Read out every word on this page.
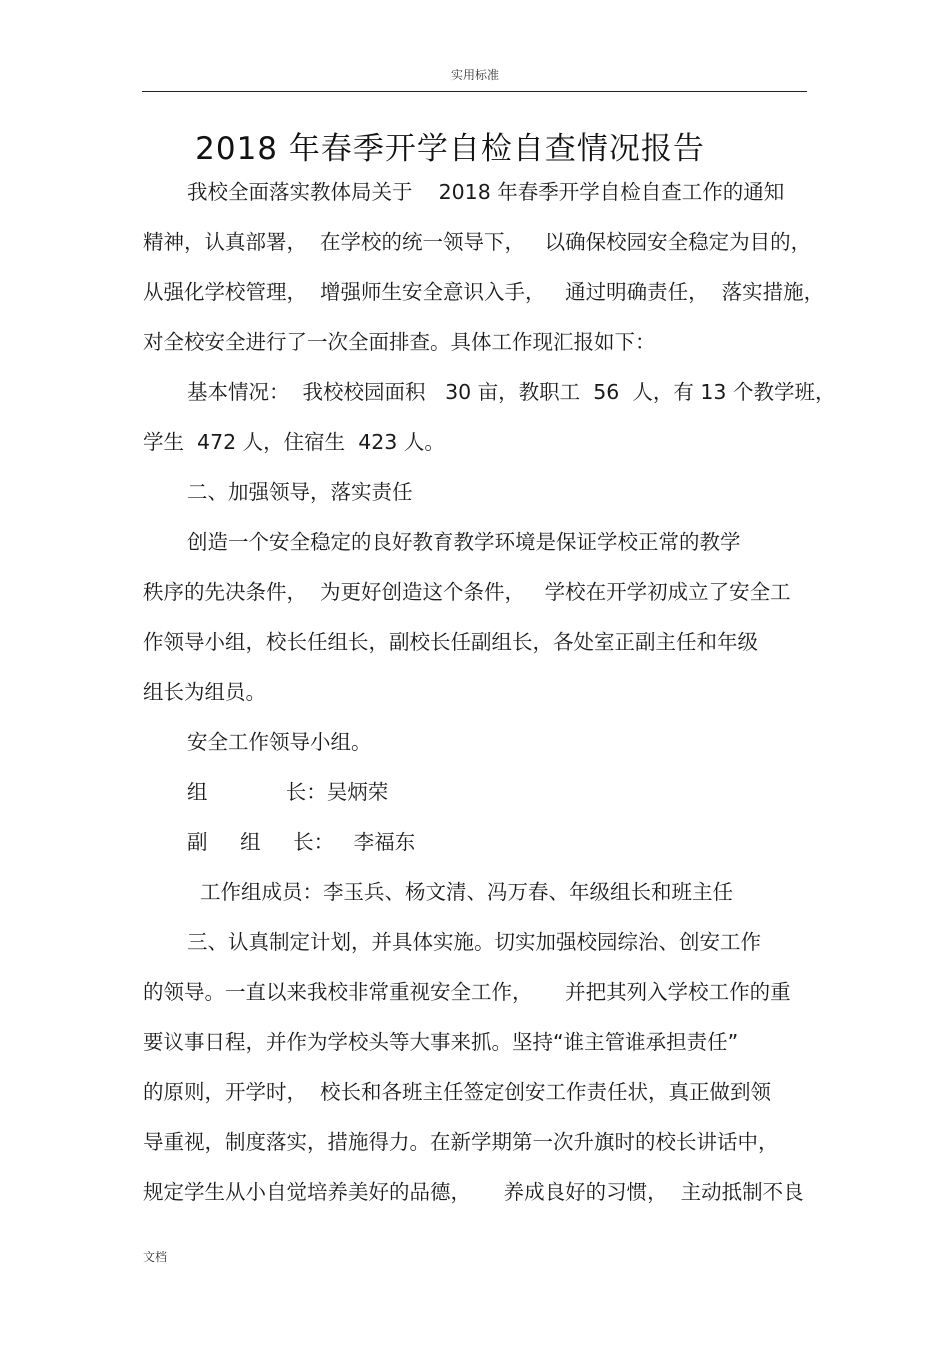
实用标准
2018 年春季开学自检自查情况报告
我校全面落实教体局关于    2018 年春季开学自检自查工作的通知
精神，认真部署，  在学校的统一领导下，   以确保校园安全稳定为目的，
从强化学校管理，  增强师生安全意识入手，   通过明确责任，  落实措施，
对全校安全进行了一次全面排查。具体工作现汇报如下：
基本情况：  我校校园面积   30 亩，教职工  56  人，有 13 个教学班，
学生  472 人，住宿生  423 人。
二、加强领导，落实责任
创造一个安全稳定的良好教育教学环境是保证学校正常的教学
秩序的先决条件，  为更好创造这个条件，   学校在开学初成立了安全工
作领导小组，校长任组长，副校长任副组长，各处室正副主任和年级
组长为组员。
安全工作领导小组。
组            长：吴炳荣
副     组     长：   李福东
工作组成员：李玉兵、杨文清、冯万春、年级组长和班主任
三、认真制定计划，并具体实施。切实加强校园综治、创安工作
的领导。一直以来我校非常重视安全工作，     并把其列入学校工作的重
要议事日程，并作为学校头等大事来抓。坚持“谁主管谁承担责任”
的原则，开学时，  校长和各班主任签定创安工作责任状，真正做到领
导重视，制度落实，措施得力。在新学期第一次升旗时的校长讲话中，
规定学生从小自觉培养美好的品德，     养成良好的习惯，  主动抵制不良
文档
